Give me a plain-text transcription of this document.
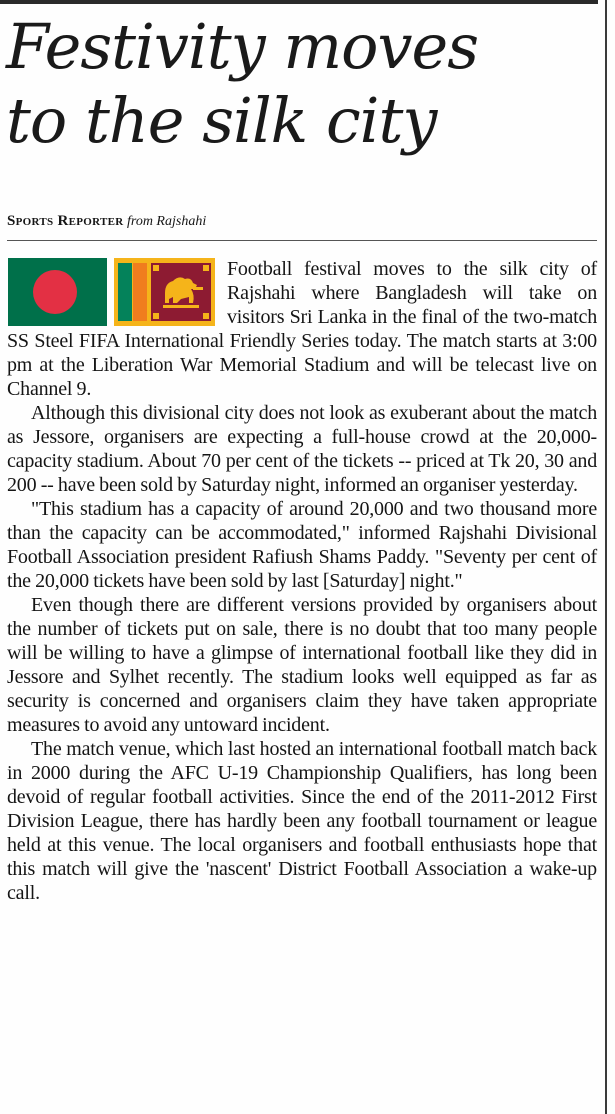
Festivity moves
to the silk city

Sports Reporter from Rajshahi

Football festival moves to the silk city of Rajshahi where Bangladesh will take on visitors Sri Lanka in the final of the two-match SS Steel FIFA International Friendly Series today. The match starts at 3:00 pm at the Liberation War Memorial Stadium and will be telecast live on Channel 9.

Although this divisional city does not look as exuberant about the match as Jessore, organisers are expecting a full-house crowd at the 20,000-capacity stadium. About 70 per cent of the tickets -- priced at Tk 20, 30 and 200 -- have been sold by Saturday night, informed an organiser yesterday.

"This stadium has a capacity of around 20,000 and two thousand more than the capacity can be accommodated," informed Rajshahi Divisional Football Association president Rafiush Shams Paddy. "Seventy per cent of the 20,000 tickets have been sold by last [Saturday] night."

Even though there are different versions provided by organisers about the number of tickets put on sale, there is no doubt that too many people will be willing to have a glimpse of international football like they did in Jessore and Sylhet recently. The stadium looks well equipped as far as security is concerned and organisers claim they have taken appropriate measures to avoid any untoward incident.

The match venue, which last hosted an international football match back in 2000 during the AFC U-19 Championship Qualifiers, has long been devoid of regular football activities. Since the end of the 2011-2012 First Division League, there has hardly been any football tournament or league held at this venue. The local organisers and football enthusiasts hope that this match will give the 'nascent' District Football Association a wake-up call.
